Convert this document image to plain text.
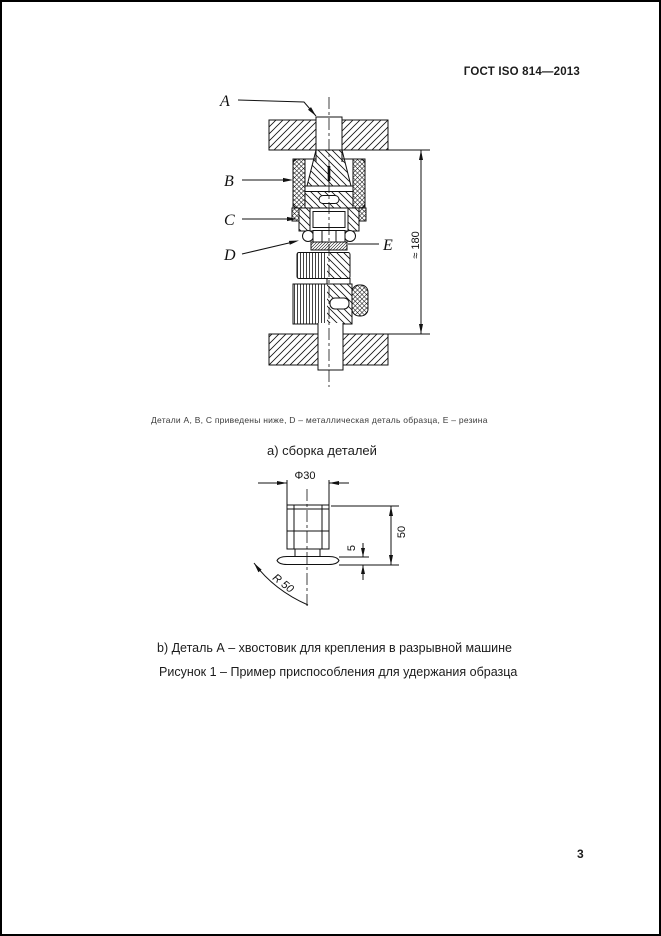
ГОСТ ISO 814—2013
A
B
C
D
E ≈ 180
Φ30
50
5
R 50
Детали А, В, С приведены ниже, D – металлическая деталь образца, Е – резина
а) сборка деталей
b) Деталь А – хвостовик для крепления в разрывной машине
Рисунок 1 – Пример приспособления для удержания образца
3
